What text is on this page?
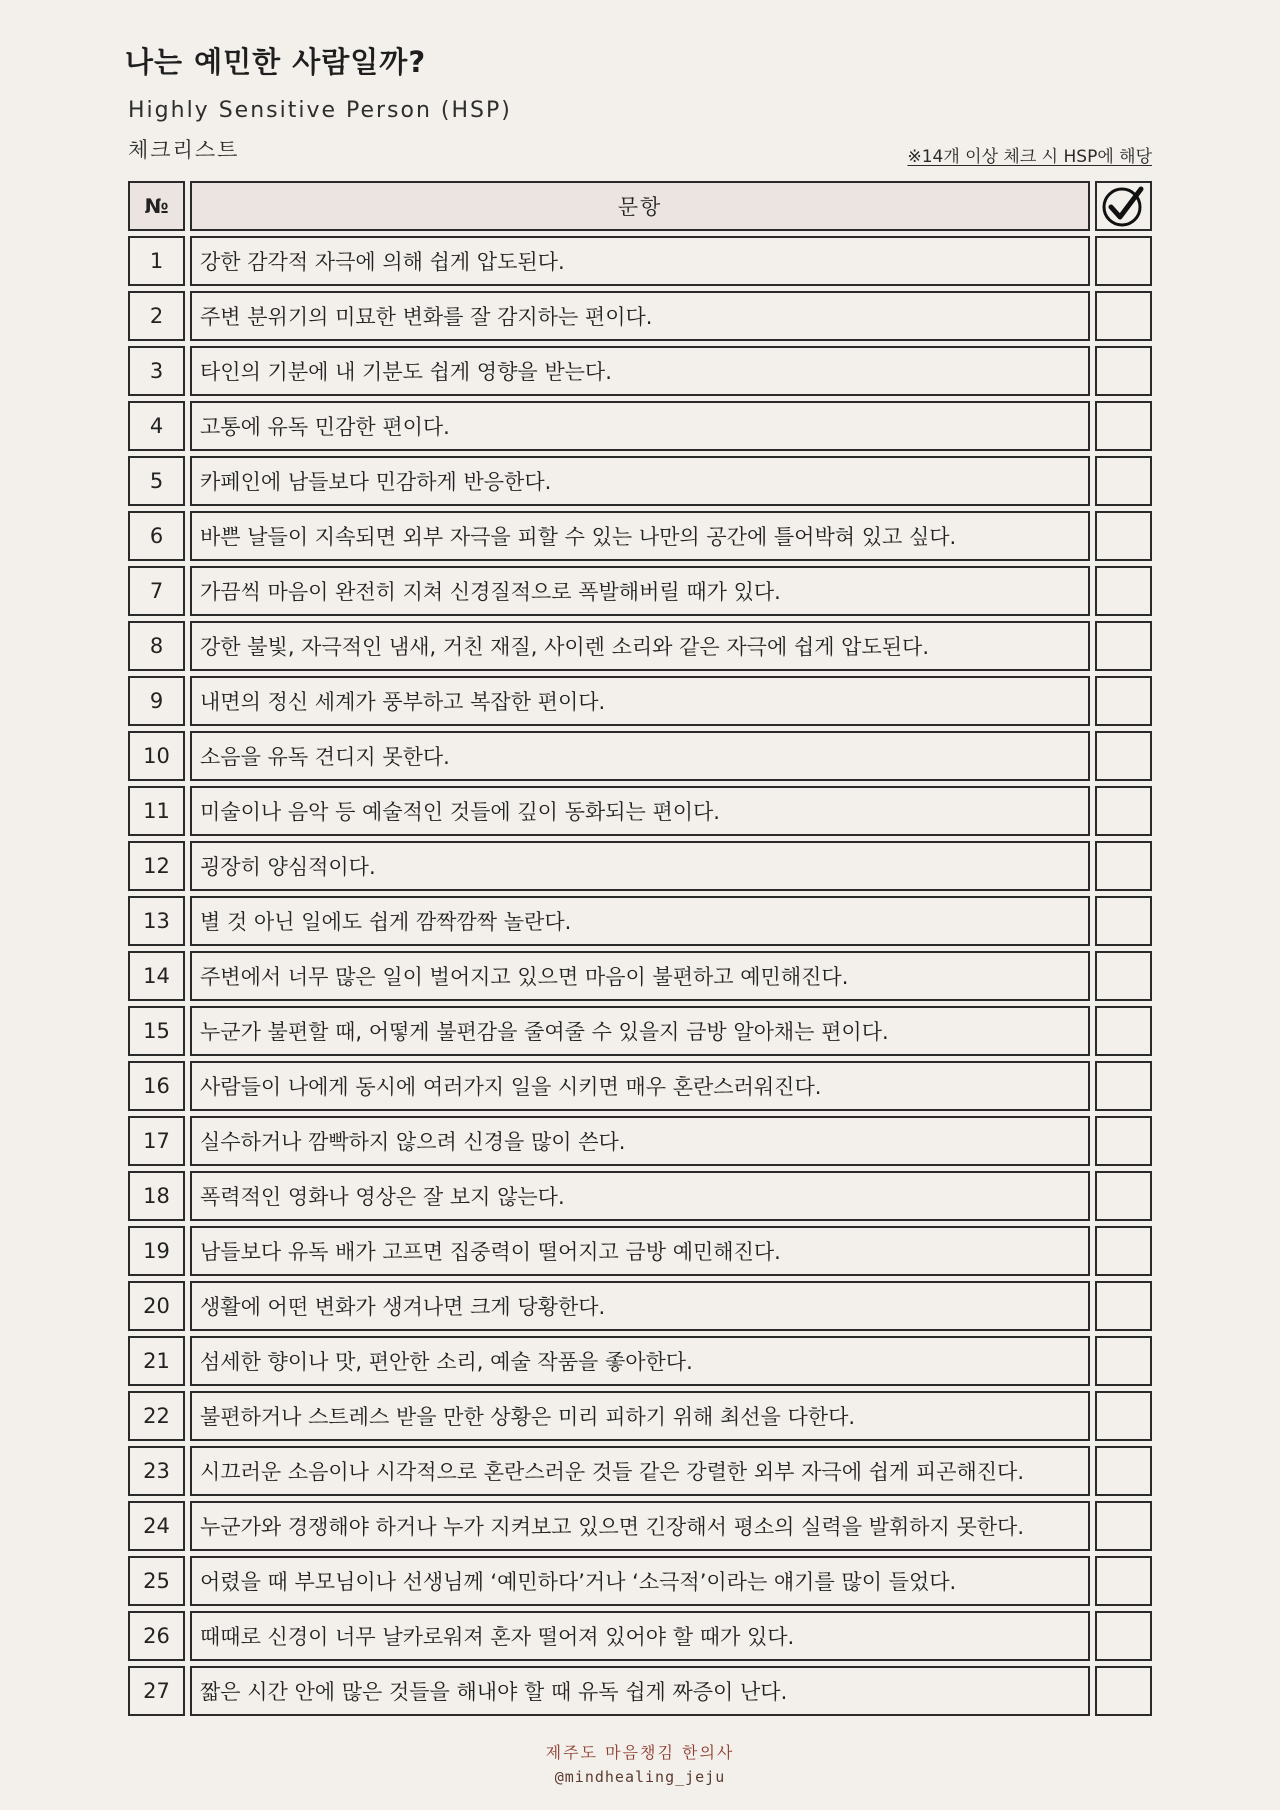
나는 예민한 사람일까?
Highly Sensitive Person (HSP)
체크리스트	※14개 이상 체크 시 HSP에 해당
№	문항
1	강한 감각적 자극에 의해 쉽게 압도된다.
2	주변 분위기의 미묘한 변화를 잘 감지하는 편이다.
3	타인의 기분에 내 기분도 쉽게 영향을 받는다.
4	고통에 유독 민감한 편이다.
5	카페인에 남들보다 민감하게 반응한다.
6	바쁜 날들이 지속되면 외부 자극을 피할 수 있는 나만의 공간에 틀어박혀 있고 싶다.
7	가끔씩 마음이 완전히 지쳐 신경질적으로 폭발해버릴 때가 있다.
8	강한 불빛, 자극적인 냄새, 거친 재질, 사이렌 소리와 같은 자극에 쉽게 압도된다.
9	내면의 정신 세계가 풍부하고 복잡한 편이다.
10	소음을 유독 견디지 못한다.
11	미술이나 음악 등 예술적인 것들에 깊이 동화되는 편이다.
12	굉장히 양심적이다.
13	별 것 아닌 일에도 쉽게 깜짝깜짝 놀란다.
14	주변에서 너무 많은 일이 벌어지고 있으면 마음이 불편하고 예민해진다.
15	누군가 불편할 때, 어떻게 불편감을 줄여줄 수 있을지 금방 알아채는 편이다.
16	사람들이 나에게 동시에 여러가지 일을 시키면 매우 혼란스러워진다.
17	실수하거나 깜빡하지 않으려 신경을 많이 쓴다.
18	폭력적인 영화나 영상은 잘 보지 않는다.
19	남들보다 유독 배가 고프면 집중력이 떨어지고 금방 예민해진다.
20	생활에 어떤 변화가 생겨나면 크게 당황한다.
21	섬세한 향이나 맛, 편안한 소리, 예술 작품을 좋아한다.
22	불편하거나 스트레스 받을 만한 상황은 미리 피하기 위해 최선을 다한다.
23	시끄러운 소음이나 시각적으로 혼란스러운 것들 같은 강렬한 외부 자극에 쉽게 피곤해진다.
24	누군가와 경쟁해야 하거나 누가 지켜보고 있으면 긴장해서 평소의 실력을 발휘하지 못한다.
25	어렸을 때 부모님이나 선생님께 ‘예민하다’거나 ‘소극적’이라는 얘기를 많이 들었다.
26	때때로 신경이 너무 날카로워져 혼자 떨어져 있어야 할 때가 있다.
27	짧은 시간 안에 많은 것들을 해내야 할 때 유독 쉽게 짜증이 난다.
제주도 마음챙김 한의사
@mindhealing_jeju
